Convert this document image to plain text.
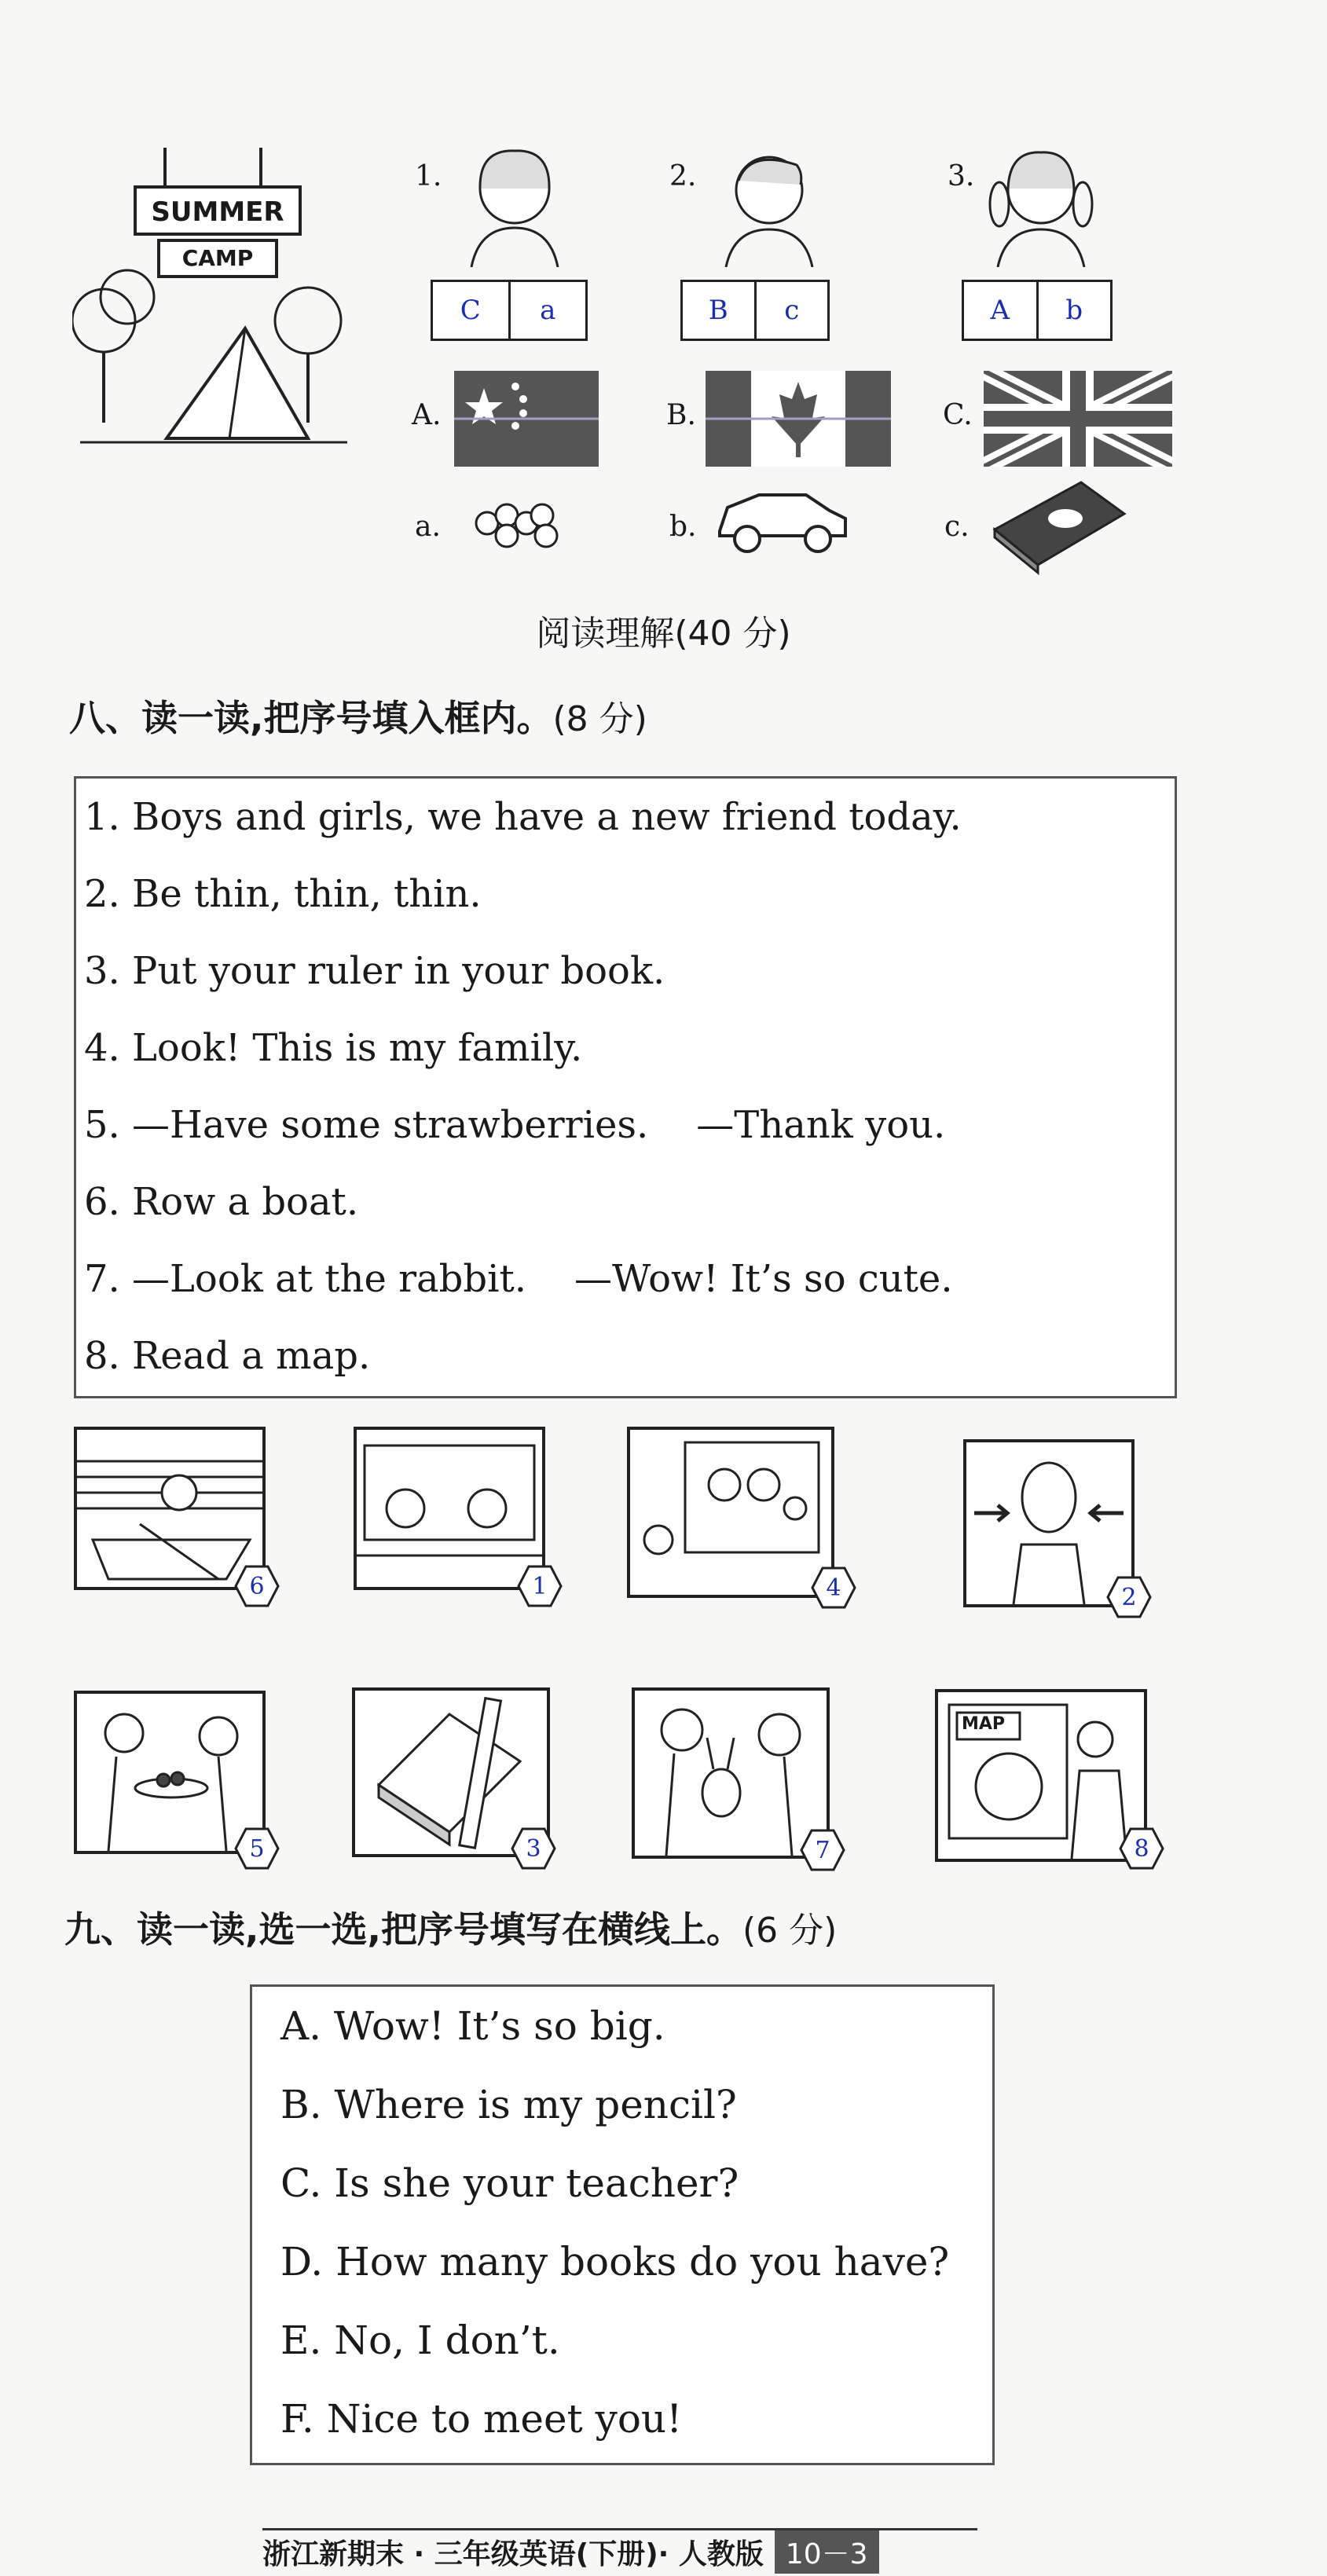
SUMMER
CAMP
1.
C	a
2.
B	c
3.
A	b
A.	B.	C.
a.	b.	c.
阅读理解(40 分)
八、读一读,把序号填入框内。(8 分)
1. Boys and girls, we have a new friend today.
2. Be thin, thin, thin.
3. Put your ruler in your book.
4. Look! This is my family.
5. —Have some strawberries.    —Thank you.
6. Row a boat.
7. —Look at the rabbit.    —Wow! It’s so cute.
8. Read a map.
6	1	4	2
5	3	7
MAP
8
九、读一读,选一选,把序号填写在横线上。(6 分)
A. Wow! It’s so big.
B. Where is my pencil?
C. Is she your teacher?
D. How many books do you have?
E. No, I don’t.
F. Nice to meet you!
浙江新期末 · 三年级英语(下册)· 人教版 10－3
